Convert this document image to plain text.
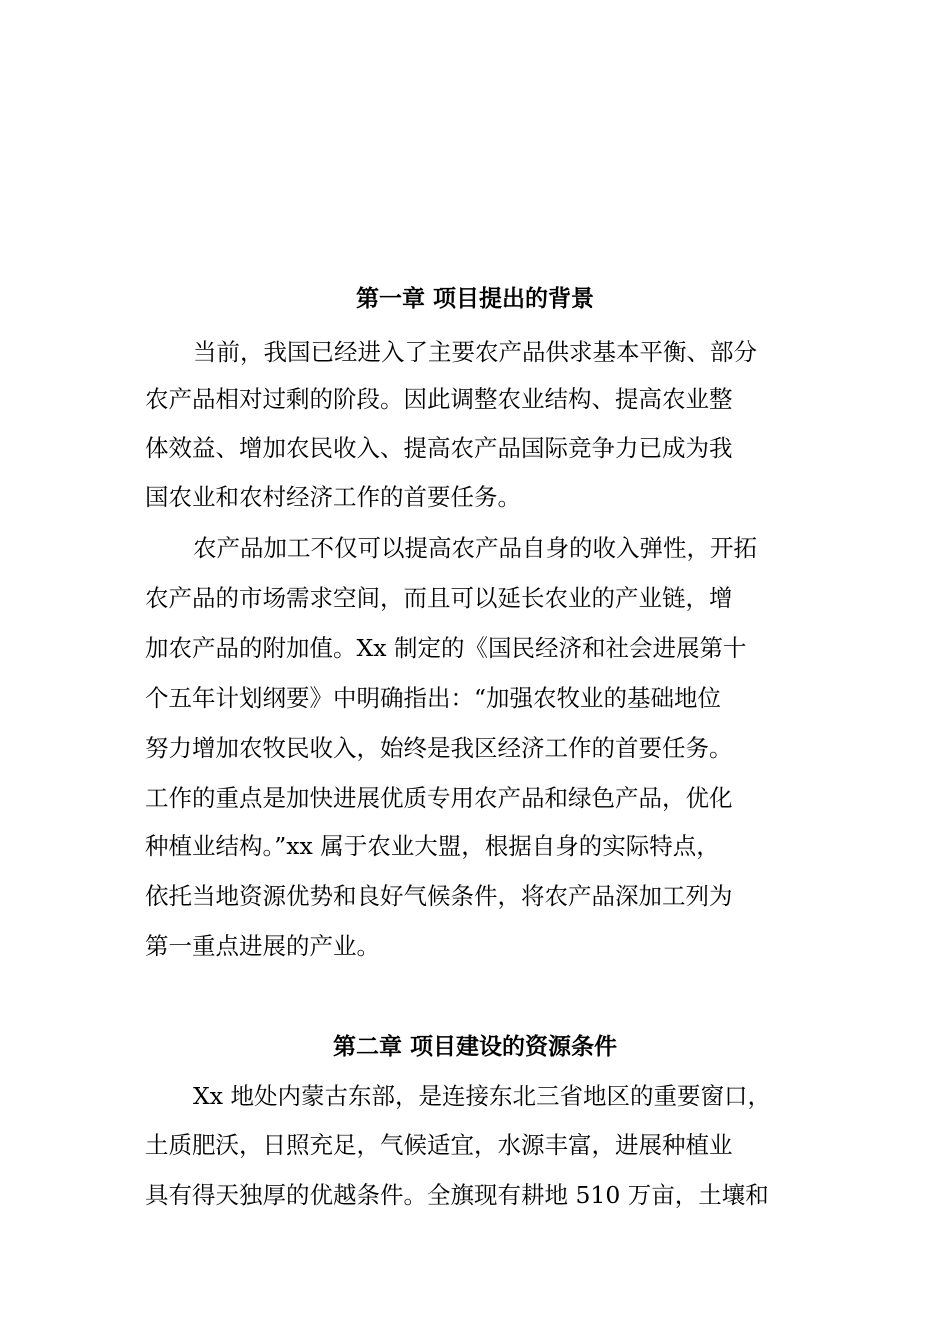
第一章 项目提出的背景
当前，我国已经进入了主要农产品供求基本平衡、部分
农产品相对过剩的阶段。因此调整农业结构、提高农业整
体效益、增加农民收入、提高农产品国际竞争力已成为我
国农业和农村经济工作的首要任务。
农产品加工不仅可以提高农产品自身的收入弹性，开拓
农产品的市场需求空间，而且可以延长农业的产业链，增
加农产品的附加值。Xx 制定的《国民经济和社会进展第十
个五年计划纲要》中明确指出：“加强农牧业的基础地位
努力增加农牧民收入，始终是我区经济工作的首要任务。
工作的重点是加快进展优质专用农产品和绿色产品，优化
种植业结构。”xx 属于农业大盟，根据自身的实际特点，
依托当地资源优势和良好气候条件，将农产品深加工列为
第一重点进展的产业。
第二章 项目建设的资源条件
Xx 地处内蒙古东部，是连接东北三省地区的重要窗口，
土质肥沃，日照充足，气候适宜，水源丰富，进展种植业
具有得天独厚的优越条件。全旗现有耕地 510 万亩，土壤和
